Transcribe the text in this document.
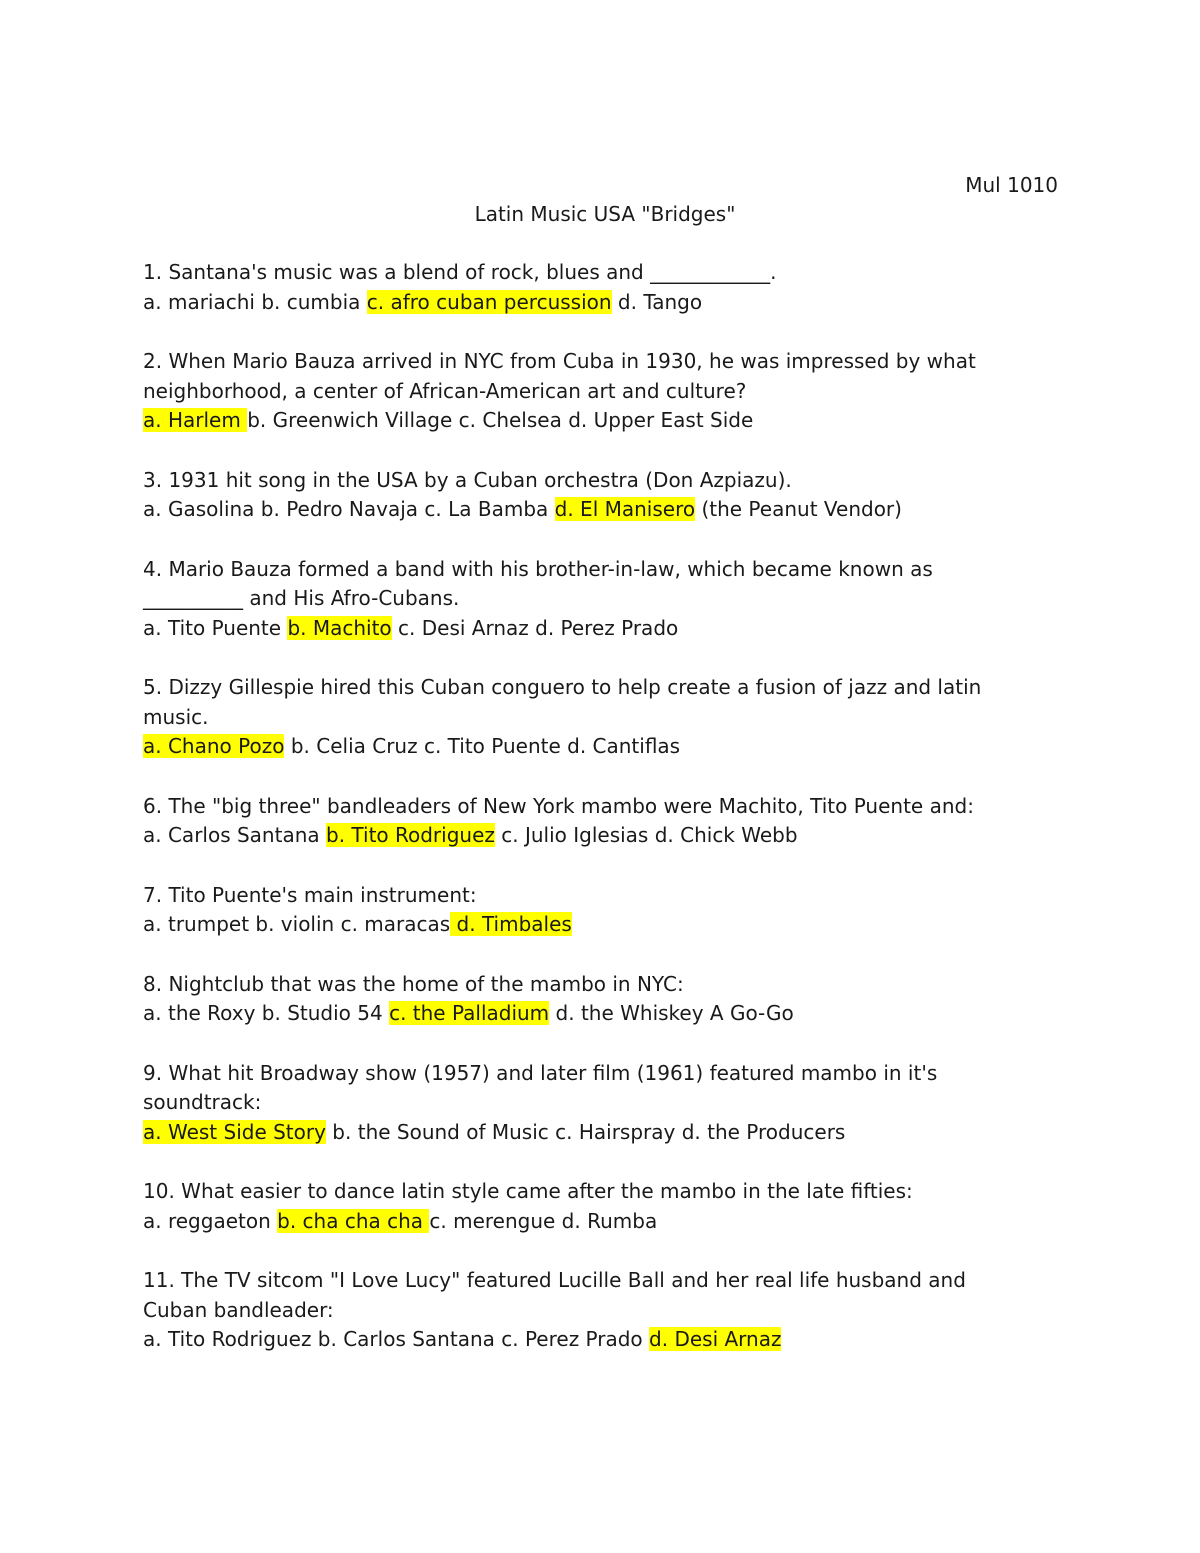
Mul 1010
Latin Music USA "Bridges"
1. Santana's music was a blend of rock, blues and ____________.
a. mariachi b. cumbia c. afro cuban percussion d. Tango
2. When Mario Bauza arrived in NYC from Cuba in 1930, he was impressed by what
neighborhood, a center of African-American art and culture?
a. Harlem b. Greenwich Village c. Chelsea d. Upper East Side
3. 1931 hit song in the USA by a Cuban orchestra (Don Azpiazu).
a. Gasolina b. Pedro Navaja c. La Bamba d. El Manisero (the Peanut Vendor)
4. Mario Bauza formed a band with his brother-in-law, which became known as
__________ and His Afro-Cubans.
a. Tito Puente b. Machito c. Desi Arnaz d. Perez Prado
5. Dizzy Gillespie hired this Cuban conguero to help create a fusion of jazz and latin
music.
a. Chano Pozo b. Celia Cruz c. Tito Puente d. Cantiflas
6. The "big three" bandleaders of New York mambo were Machito, Tito Puente and:
a. Carlos Santana b. Tito Rodriguez c. Julio Iglesias d. Chick Webb
7. Tito Puente's main instrument:
a. trumpet b. violin c. maracas d. Timbales
8. Nightclub that was the home of the mambo in NYC:
a. the Roxy b. Studio 54 c. the Palladium d. the Whiskey A Go-Go
9. What hit Broadway show (1957) and later film (1961) featured mambo in it's
soundtrack:
a. West Side Story b. the Sound of Music c. Hairspray d. the Producers
10. What easier to dance latin style came after the mambo in the late fifties:
a. reggaeton b. cha cha cha c. merengue d. Rumba
11. The TV sitcom "I Love Lucy" featured Lucille Ball and her real life husband and
Cuban bandleader:
a. Tito Rodriguez b. Carlos Santana c. Perez Prado d. Desi Arnaz
